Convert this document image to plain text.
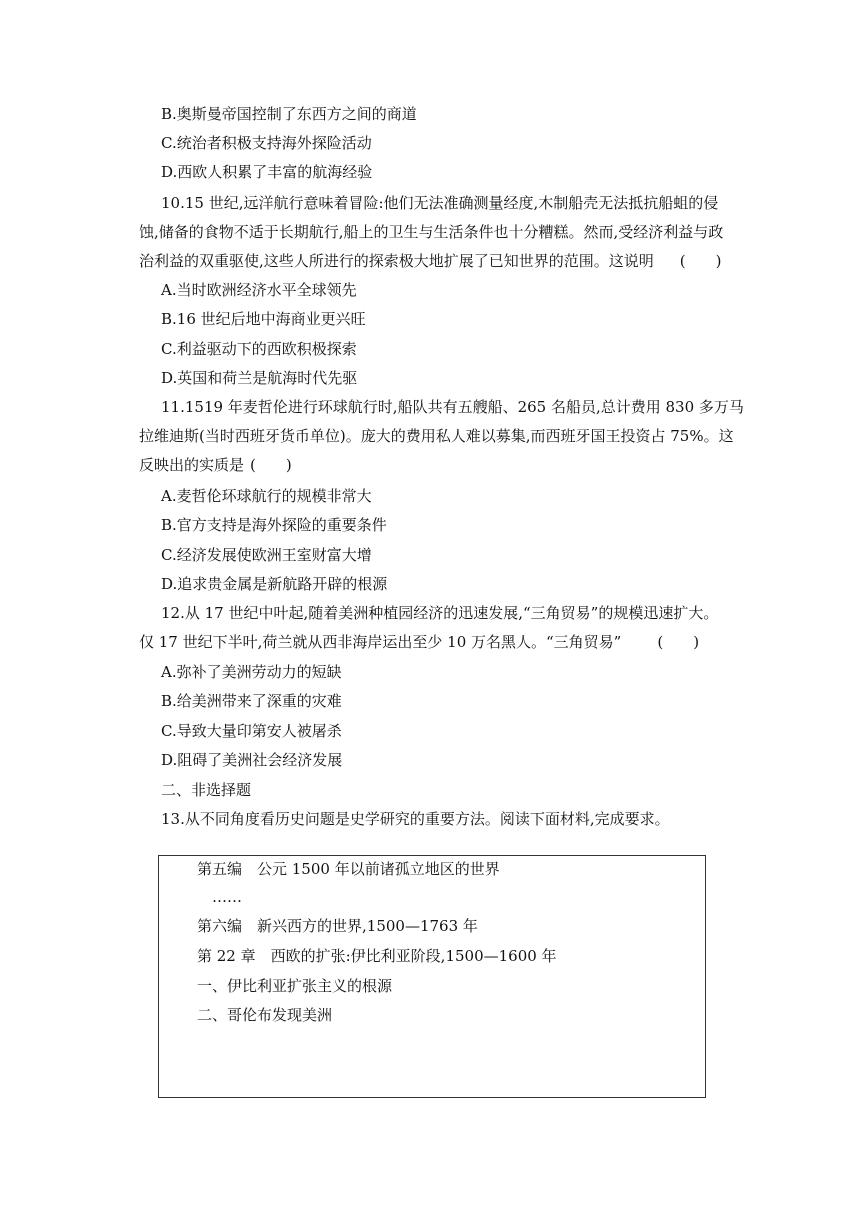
B.奥斯曼帝国控制了东西方之间的商道
C.统治者积极支持海外探险活动
D.西欧人积累了丰富的航海经验
10.15 世纪,远洋航行意味着冒险:他们无法准确测量经度,木制船壳无法抵抗船蛆的侵
蚀,储备的食物不适于长期航行,船上的卫生与生活条件也十分糟糕。然而,受经济利益与政
治利益的双重驱使,这些人所进行的探索极大地扩展了已知世界的范围。这说明 (　　)
A.当时欧洲经济水平全球领先
B.16 世纪后地中海商业更兴旺
C.利益驱动下的西欧积极探索
D.英国和荷兰是航海时代先驱
11.1519 年麦哲伦进行环球航行时,船队共有五艘船、265 名船员,总计费用 830 多万马
拉维迪斯(当时西班牙货币单位)。庞大的费用私人难以募集,而西班牙国王投资占 75%。这
反映出的实质是 (　　)
A.麦哲伦环球航行的规模非常大
B.官方支持是海外探险的重要条件
C.经济发展使欧洲王室财富大增
D.追求贵金属是新航路开辟的根源
12.从 17 世纪中叶起,随着美洲种植园经济的迅速发展,“三角贸易”的规模迅速扩大。
仅 17 世纪下半叶,荷兰就从西非海岸运出至少 10 万名黑人。“三角贸易” (　　)
A.弥补了美洲劳动力的短缺
B.给美洲带来了深重的灾难
C.导致大量印第安人被屠杀
D.阻碍了美洲社会经济发展
二、非选择题
13.从不同角度看历史问题是史学研究的重要方法。阅读下面材料,完成要求。
第五编　公元 1500 年以前诸孤立地区的世界
　……
第六编　新兴西方的世界,1500—1763 年
第 22 章　西欧的扩张:伊比利亚阶段,1500—1600 年
一、伊比利亚扩张主义的根源
二、哥伦布发现美洲
